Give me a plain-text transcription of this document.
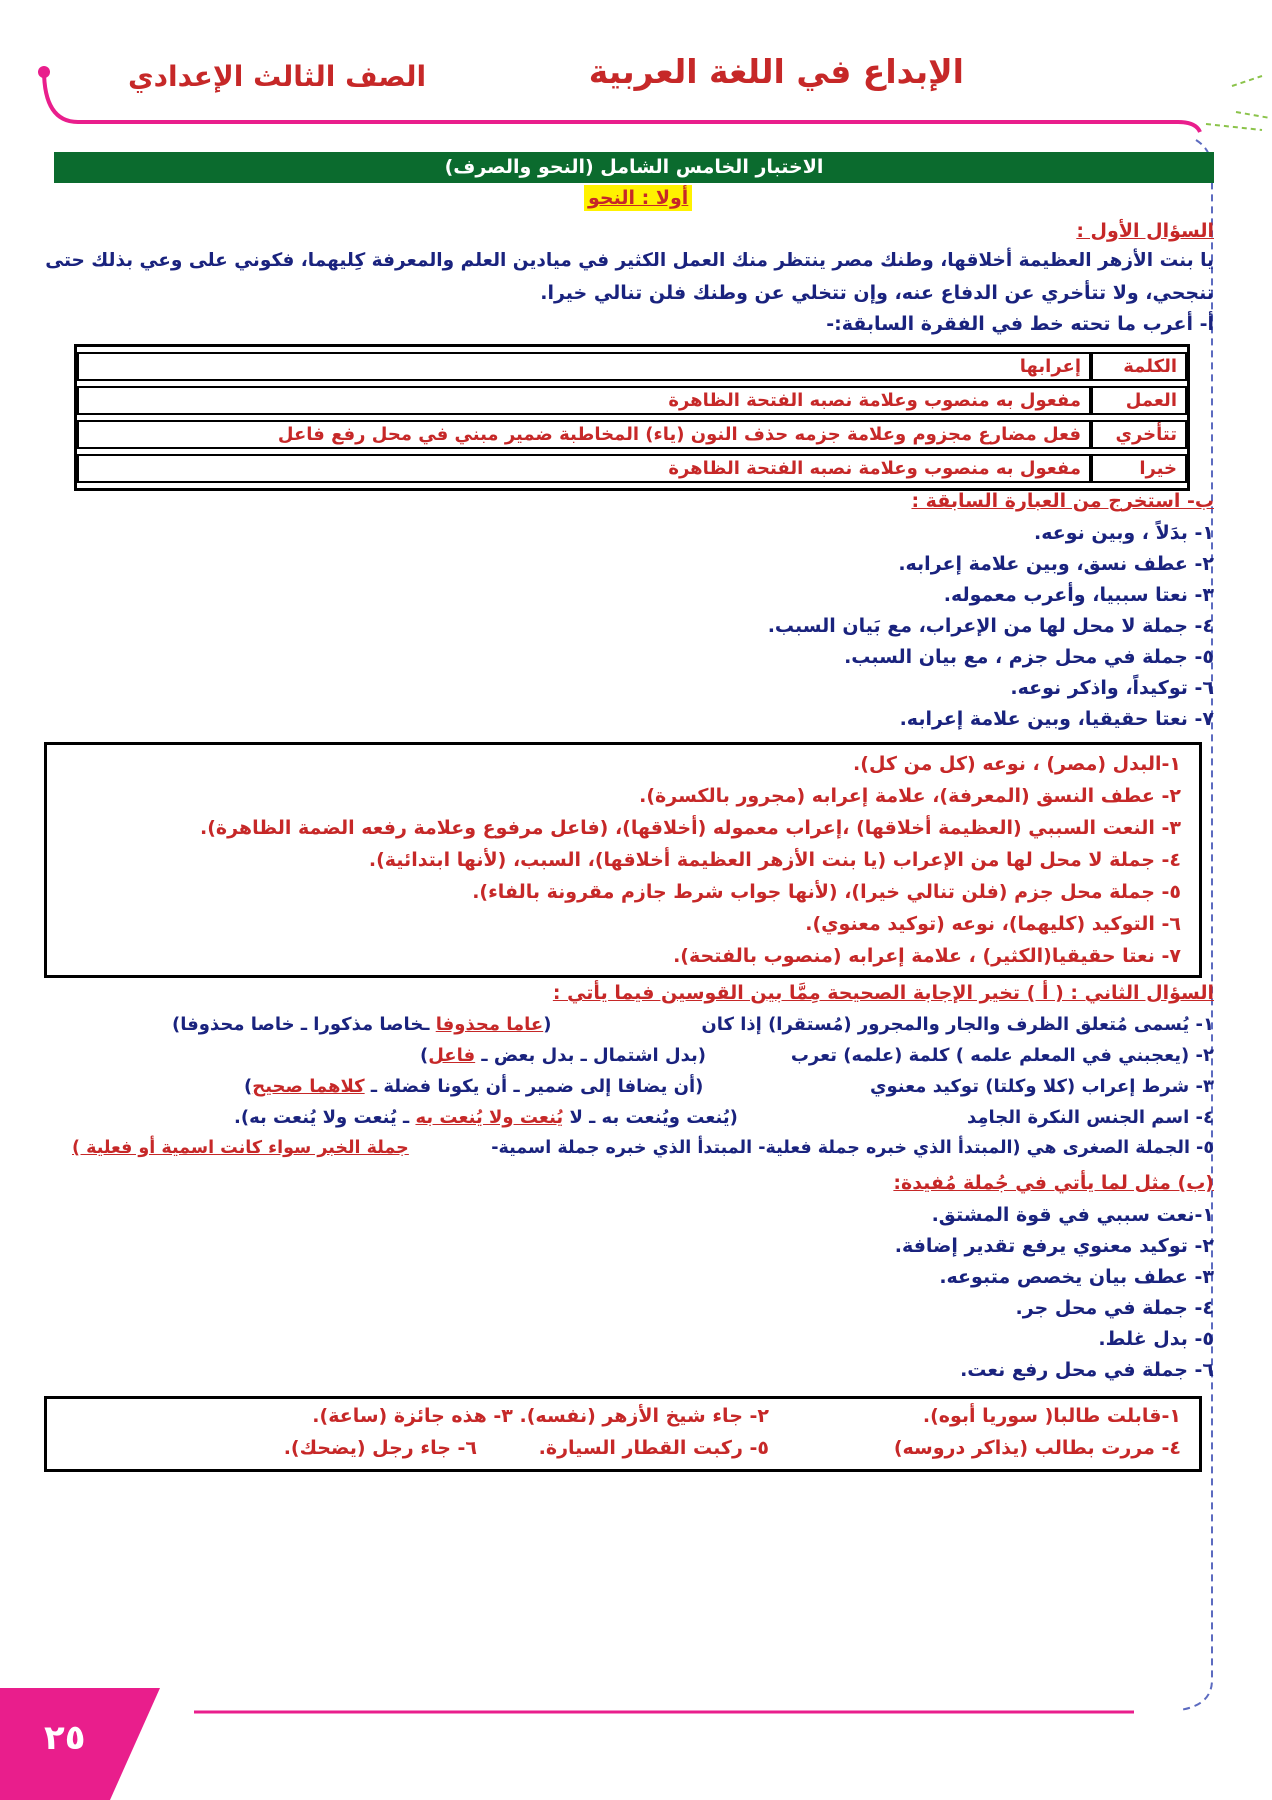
الإبداع في اللغة العربية
الصف الثالث الإعدادي
الاختبار الخامس الشامل (النحو والصرف)
أولا : النحو
السؤال الأول :
يا بنت الأزهر العظيمة أخلاقها، وطنك مصر ينتظر منك العمل الكثير في ميادين العلم والمعرفة كِليهما، فكوني على وعي بذلك حتى
تنجحي، ولا تتأخري عن الدفاع عنه، وإن تتخلي عن وطنك فلن تنالي خيرا.
أ- أعرب ما تحته خط في الفقرة السابقة:-
الكلمة	إعرابها
العمل	مفعول به منصوب وعلامة نصبه الفتحة الظاهرة
تتأخري	فعل مضارع مجزوم وعلامة جزمه حذف النون (ياء) المخاطبة ضمير مبني في محل رفع فاعل
خيرا	مفعول به منصوب وعلامة نصبه الفتحة الظاهرة
ب- استخرج من العبارة السابقة :
١- بدَلاً ، وبين نوعه.
٢- عطف نسق، وبين علامة إعرابه.
٣- نعتا سببيا، وأعرب معموله.
٤- جملة لا محل لها من الإعراب، مع بَيان السبب.
٥- جملة في محل جزم ، مع بيان السبب.
٦- توكيداً، واذكر نوعه.
٧- نعتا حقيقيا، وبين علامة إعرابه.
١-البدل (مصر) ، نوعه (كل من كل).
٢- عطف النسق (المعرفة)، علامة إعرابه (مجرور بالكسرة).
٣- النعت السببي (العظيمة أخلاقها) ،إعراب معموله (أخلاقها)، (فاعل مرفوع وعلامة رفعه الضمة الظاهرة).
٤- جملة لا محل لها من الإعراب (يا بنت الأزهر العظيمة أخلاقها)، السبب، (لأنها ابتدائية).
٥- جملة محل جزم (فلن تنالي خيرا)، (لأنها جواب شرط جازم مقرونة بالفاء).
٦- التوكيد (كليهما)، نوعه (توكيد معنوي).
٧- نعتا حقيقيا(الكثير) ، علامة إعرابه (منصوب بالفتحة).
السؤال الثاني : ( أ ) تخير الإجابة الصحيحة مِمَّا بين القوسين فيما يأتي :
١- يُسمى مُتعلق الظرف والجار والمجرور (مُستقرا) إذا كان
(عاما محذوفا ـخاصا مذكورا ـ خاصا محذوفا)
٢- (يعجبني في المعلم علمه ) كلمة (علمه) تعرب
(بدل اشتمال ـ بدل بعض ـ فاعل)
٣- شرط إعراب (كلا وكلتا) توكيد معنوي
(أن يضافا إلى ضمير ـ أن يكونا فضلة ـ كلاهما صحيح)
٤- اسم الجنس النكرة الجامِد
(يُنعت ويُنعت به ـ لا يُنعت ولا يُنعت به ـ يُنعت ولا يُنعت به).
٥- الجملة الصغرى هي (المبتدأ الذي خبره جملة فعلية- المبتدأ الذي خبره جملة اسمية-
جملة الخبر سواء كانت اسمية أو فعلية )
(ب) مثل لما يأتي في جُملة مُفيدة:
١-نعت سببي في قوة المشتق.
٢- توكيد معنوي يرفع تقدير إضافة.
٣- عطف بيان يخصص متبوعه.
٤- جملة في محل جر.
٥- بدل غلط.
٦- جملة في محل رفع نعت.
١-قابلت طالبا( سوريا أبوه).
٢- جاء شيخ الأزهر (نفسه). ٣- هذه جائزة (ساعة).
٤- مررت بطالب (يذاكر دروسه)
٥- ركبت القطار السيارة.
٦- جاء رجل (يضحك).
٢٥
